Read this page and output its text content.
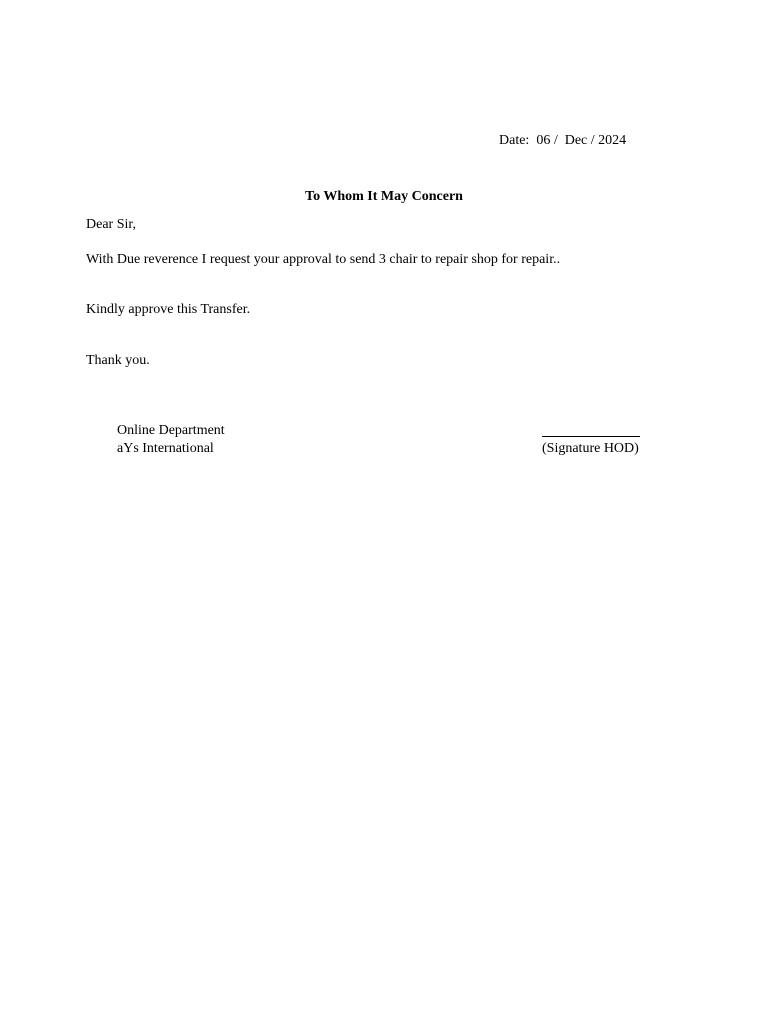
Date:  06 /  Dec / 2024
To Whom It May Concern
Dear Sir,
With Due reverence I request your approval to send 3 chair to repair shop for repair..
Kindly approve this Transfer.
Thank you.
Online Department
aYs International	(Signature HOD)
